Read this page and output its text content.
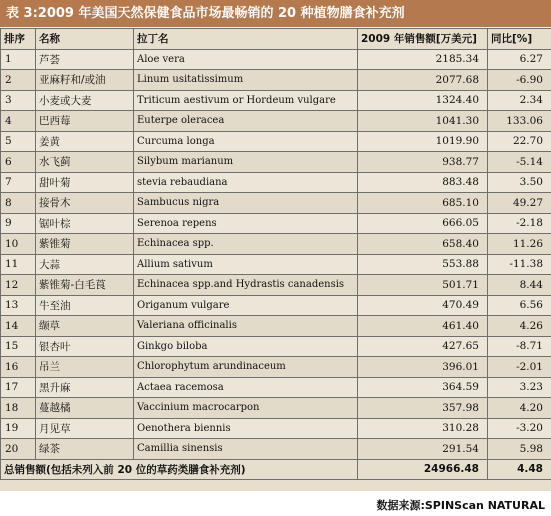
表 3:2009 年美国天然保健食品市场最畅销的 20 种植物膳食补充剂
排序	名称	拉丁名	2009 年销售额[万美元]	同比[%]
1	芦荟	Aloe vera	2185.34	6.27
2	亚麻籽和/或油	Linum usitatissimum	2077.68	-6.90
3	小麦或大麦	Triticum aestivum or Hordeum vulgare	1324.40	2.34
4	巴西莓	Euterpe oleracea	1041.30	133.06
5	姜黄	Curcuma longa	1019.90	22.70
6	水飞蓟	Silybum marianum	938.77	-5.14
7	甜叶菊	stevia rebaudiana	883.48	3.50
8	接骨木	Sambucus nigra	685.10	49.27
9	锯叶棕	Serenoa repens	666.05	-2.18
10	紫锥菊	Echinacea spp.	658.40	11.26
11	大蒜	Allium sativum	553.88	-11.38
12	紫锥菊-白毛莨	Echinacea spp.and Hydrastis canadensis	501.71	8.44
13	牛至油	Origanum vulgare	470.49	6.56
14	缬草	Valeriana officinalis	461.40	4.26
15	银杏叶	Ginkgo biloba	427.65	-8.71
16	吊兰	Chlorophytum arundinaceum	396.01	-2.01
17	黑升麻	Actaea racemosa	364.59	3.23
18	蔓越橘	Vaccinium macrocarpon	357.98	4.20
19	月见草	Oenothera biennis	310.28	-3.20
20	绿茶	Camillia sinensis	291.54	5.98
总销售额(包括未列入前 20 位的草药类膳食补充剂)			24966.48	4.48
数据来源:SPINScan NATURAL
